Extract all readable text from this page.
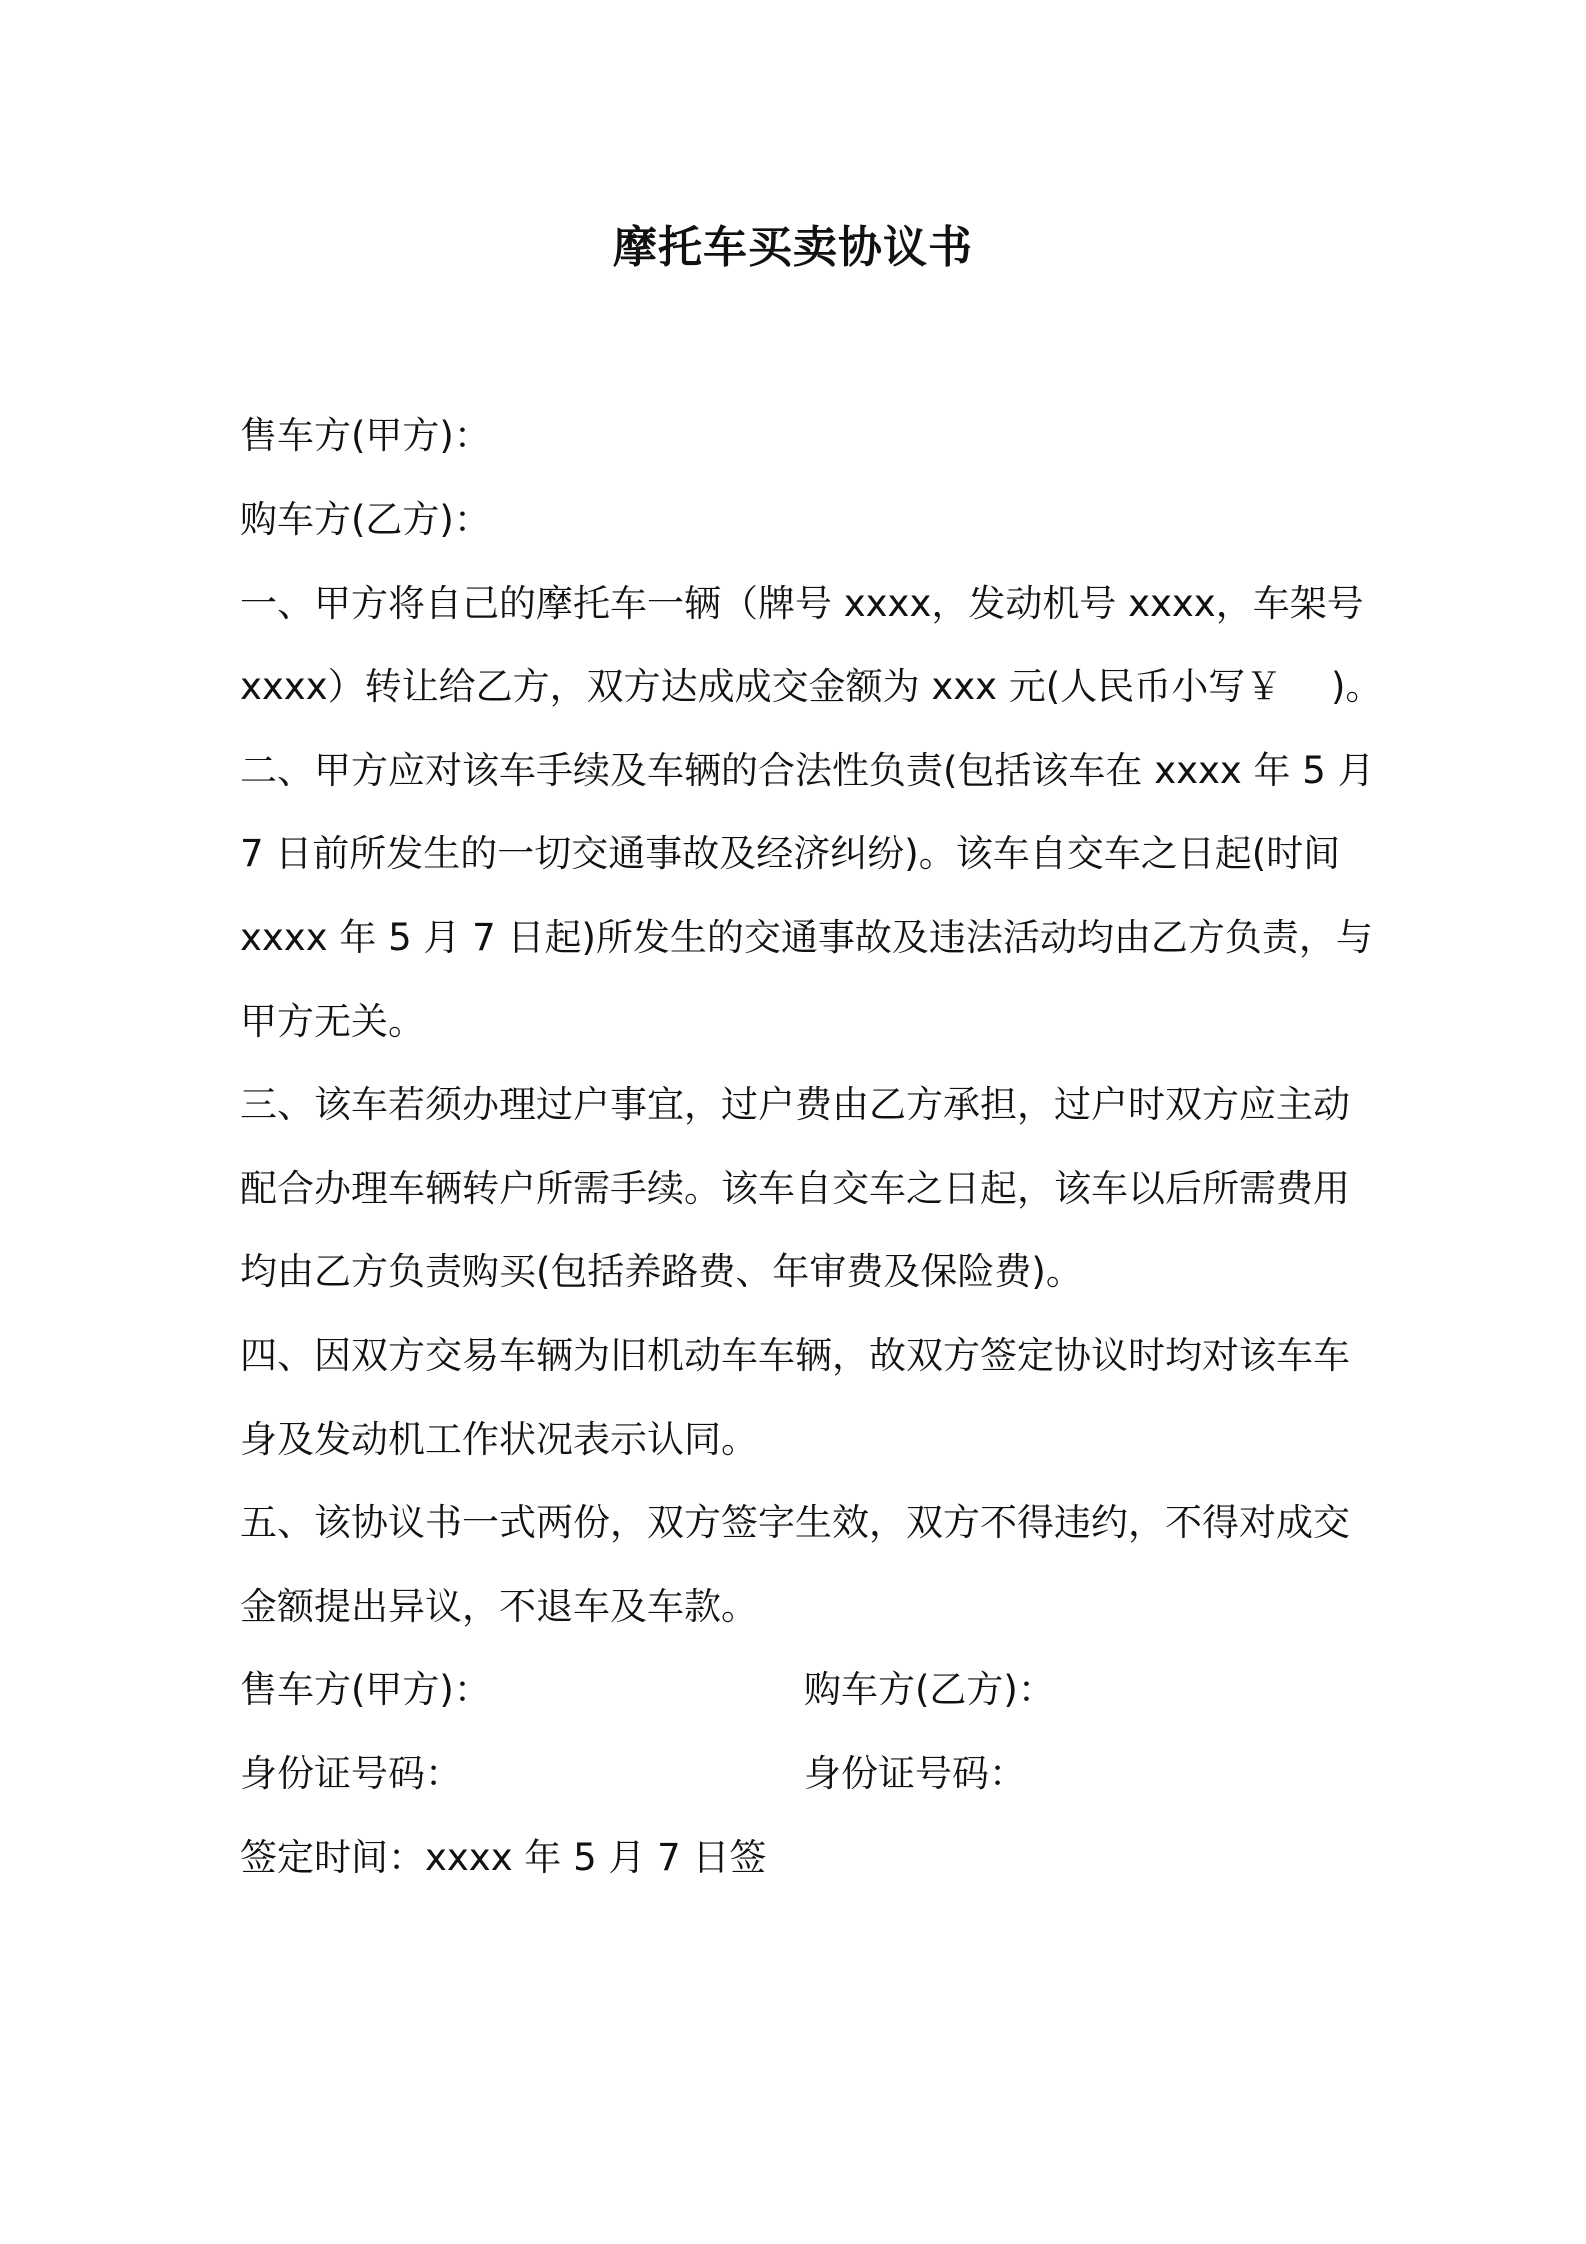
摩托车买卖协议书
售车方(甲方)：
购车方(乙方)：
一、甲方将自己的摩托车一辆（牌号 xxxx，发动机号 xxxx，车架号
xxxx）转让给乙方，双方达成成交金额为 xxx 元(人民币小写￥　 )。
二、甲方应对该车手续及车辆的合法性负责(包括该车在 xxxx 年 5 月
7 日前所发生的一切交通事故及经济纠纷)。该车自交车之日起(时间
xxxx 年 5 月 7 日起)所发生的交通事故及违法活动均由乙方负责，与
甲方无关。
三、该车若须办理过户事宜，过户费由乙方承担，过户时双方应主动
配合办理车辆转户所需手续。该车自交车之日起，该车以后所需费用
均由乙方负责购买(包括养路费、年审费及保险费)。
四、因双方交易车辆为旧机动车车辆，故双方签定协议时均对该车车
身及发动机工作状况表示认同。
五、该协议书一式两份，双方签字生效，双方不得违约，不得对成交
金额提出异议，不退车及车款。
售车方(甲方)：	购车方(乙方)：
身份证号码：	身份证号码：
签定时间：xxxx 年 5 月 7 日签
